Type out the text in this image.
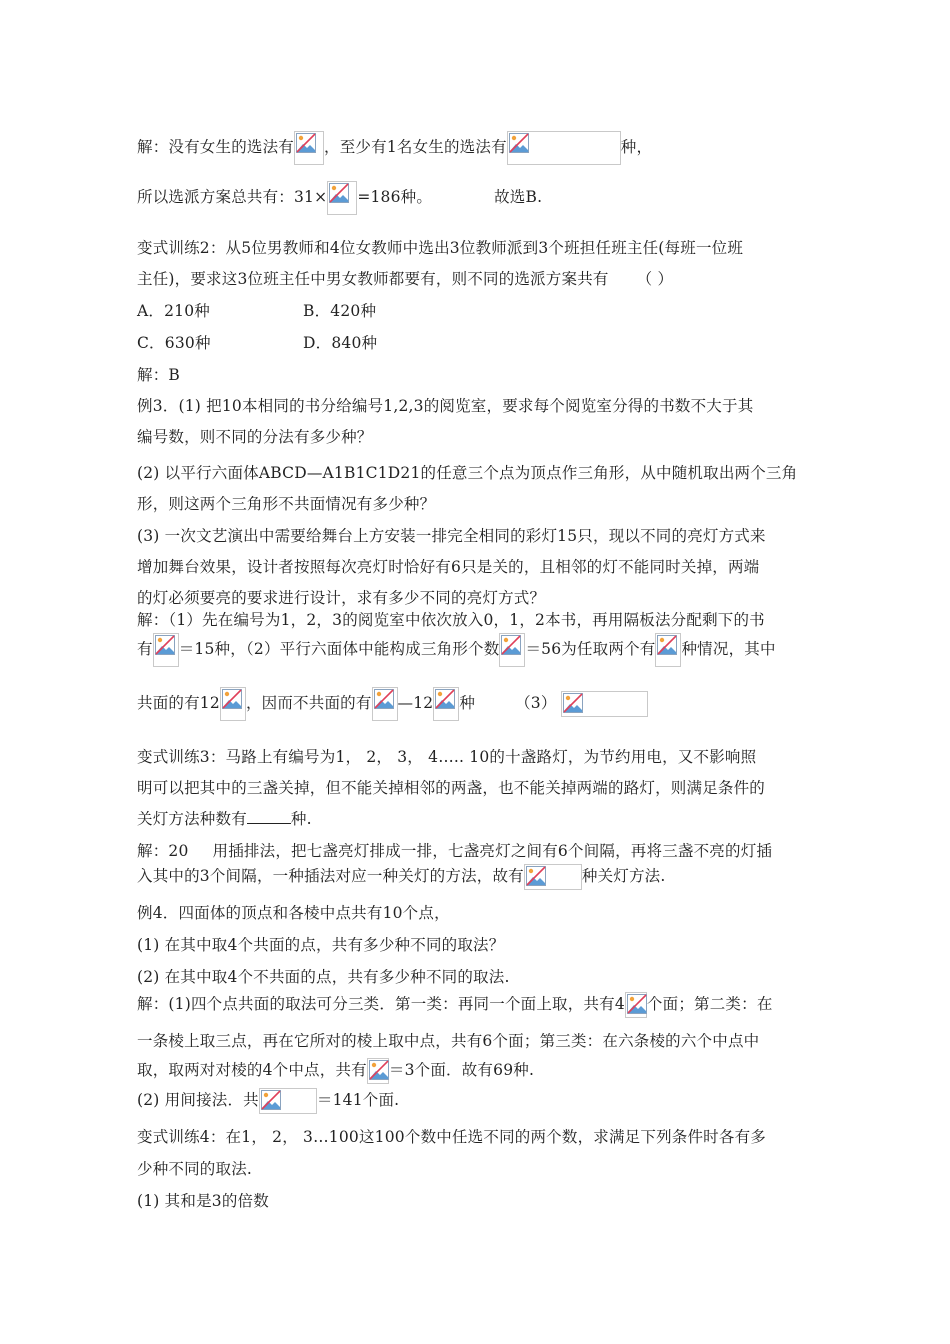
解：没有女生的选法有 ，至少有1名女生的选法有	种，
所以选派方案总共有：31× =186种。	故选B.
变式训练2：从5位男教师和4位女教师中选出3位教师派到3个班担任班主任(每班一位班
主任)，要求这3位班主任中男女教师都要有，则不同的选派方案共有 （ ）
A．210种	B．420种
C．630种	D．840种
解：B
例3．(1) 把10本相同的书分给编号1,2,3的阅览室，要求每个阅览室分得的书数不大于其
编号数，则不同的分法有多少种？
(2) 以平行六面体ABCD—A1B1C1D21的任意三个点为顶点作三角形，从中随机取出两个三角
形，则这两个三角形不共面情况有多少种？
(3) 一次文艺演出中需要给舞台上方安装一排完全相同的彩灯15只，现以不同的亮灯方式来
增加舞台效果，设计者按照每次亮灯时恰好有6只是关的，且相邻的灯不能同时关掉，两端
的灯必须要亮的要求进行设计，求有多少不同的亮灯方式？
解：（1）先在编号为1，2，3的阅览室中依次放入0，1，2本书，再用隔板法分配剩下的书
有 ＝15种，（2）平行六面体中能构成三角形个数 ＝56为任取两个有 种情况，其中
共面的有12 ，因而不共面的有 —12 种	（3）
变式训练3：马路上有编号为1， 2， 3， 4….. 10的十盏路灯，为节约用电，又不影响照
明可以把其中的三盏关掉，但不能关掉相邻的两盏，也不能关掉两端的路灯，则满足条件的
关灯方法种数有	种.
解：20 用插排法，把七盏亮灯排成一排，七盏亮灯之间有6个间隔，再将三盏不亮的灯插
入其中的3个间隔，一种插法对应一种关灯的方法，故有	种关灯方法.
例4．四面体的顶点和各棱中点共有10个点，
(1) 在其中取4个共面的点，共有多少种不同的取法？
(2) 在其中取4个不共面的点，共有多少种不同的取法.
解：(1)四个点共面的取法可分三类．第一类：再同一个面上取，共有4 个面；第二类：在
一条棱上取三点，再在它所对的棱上取中点，共有6个面；第三类：在六条棱的六个中点中
取，取两对对棱的4个中点，共有 ＝3个面．故有69种.
(2) 用间接法．共	＝141个面.
变式训练4：在1， 2， 3…100这100个数中任选不同的两个数，求满足下列条件时各有多
少种不同的取法.
(1) 其和是3的倍数
